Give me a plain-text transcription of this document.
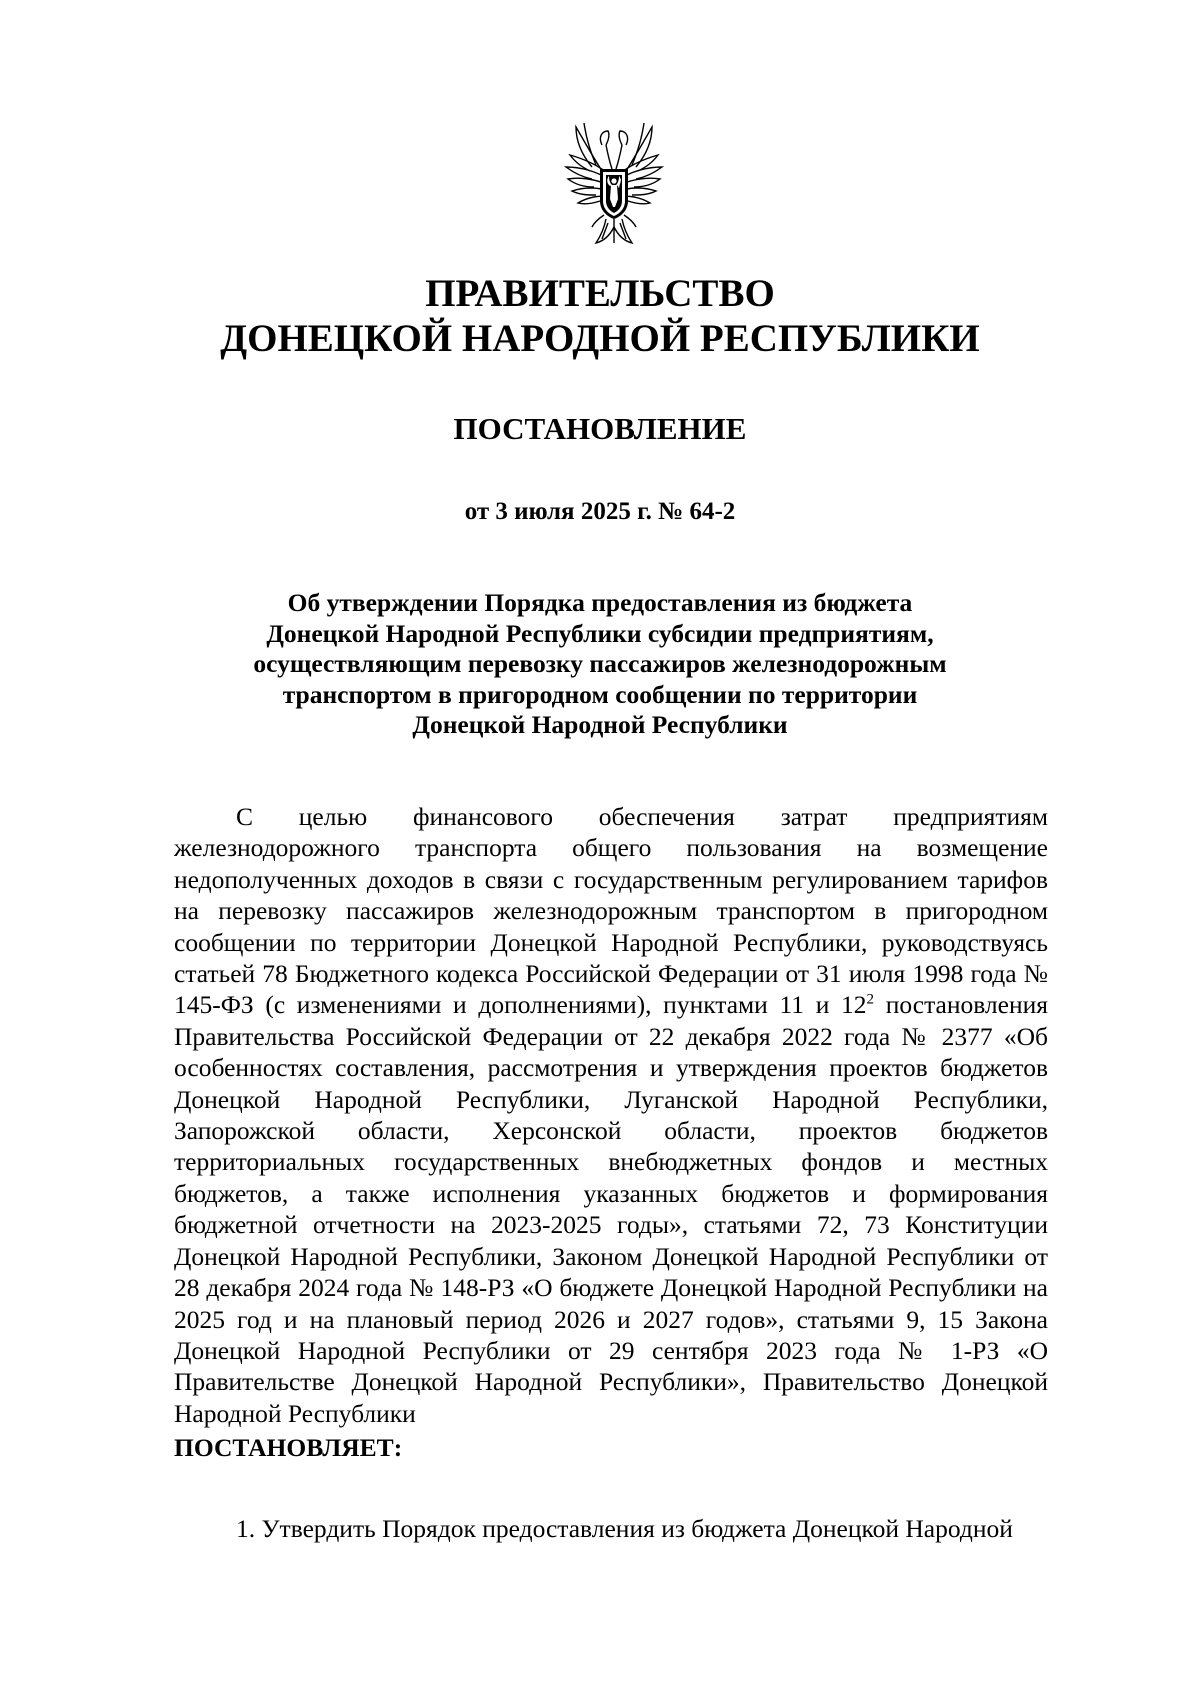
ПРАВИТЕЛЬСТВО
ДОНЕЦКОЙ НАРОДНОЙ РЕСПУБЛИКИ
ПОСТАНОВЛЕНИЕ
от 3 июля 2025 г. № 64-2
Об утверждении Порядка предоставления из бюджета
Донецкой Народной Республики субсидии предприятиям,
осуществляющим перевозку пассажиров железнодорожным
транспортом в пригородном сообщении по территории
Донецкой Народной Республики

С целью финансового обеспечения затрат предприятиям железнодорожного транспорта общего пользования на возмещение недополученных доходов в связи с государственным регулированием тарифов на перевозку пассажиров железнодорожным транспортом в пригородном сообщении по территории Донецкой Народной Республики, руководствуясь статьей 78 Бюджетного кодекса Российской Федерации от 31 июля 1998 года № 145-ФЗ (с изменениями и дополнениями), пунктами 11 и $12^2$ постановления Правительства Российской Федерации от 22 декабря 2022 года № 2377 «Об особенностях составления, рассмотрения и утверждения проектов бюджетов Донецкой Народной Республики, Луганской Народной Республики, Запорожской области, Херсонской области, проектов бюджетов территориальных государственных внебюджетных фондов и местных бюджетов, а также исполнения указанных бюджетов и формирования бюджетной отчетности на 2023-2025 годы», статьями 72, 73 Конституции Донецкой Народной Республики, Законом Донецкой Народной Республики от 28 декабря 2024 года № 148-РЗ «О бюджете Донецкой Народной Республики на 2025 год и на плановый период 2026 и 2027 годов», статьями 9, 15 Закона Донецкой Народной Республики от 29 сентября 2023 года № 1-РЗ «О Правительстве Донецкой Народной Республики», Правительство Донецкой Народной Республики

ПОСТАНОВЛЯЕТ:

1. Утвердить Порядок предоставления из бюджета Донецкой Народной
